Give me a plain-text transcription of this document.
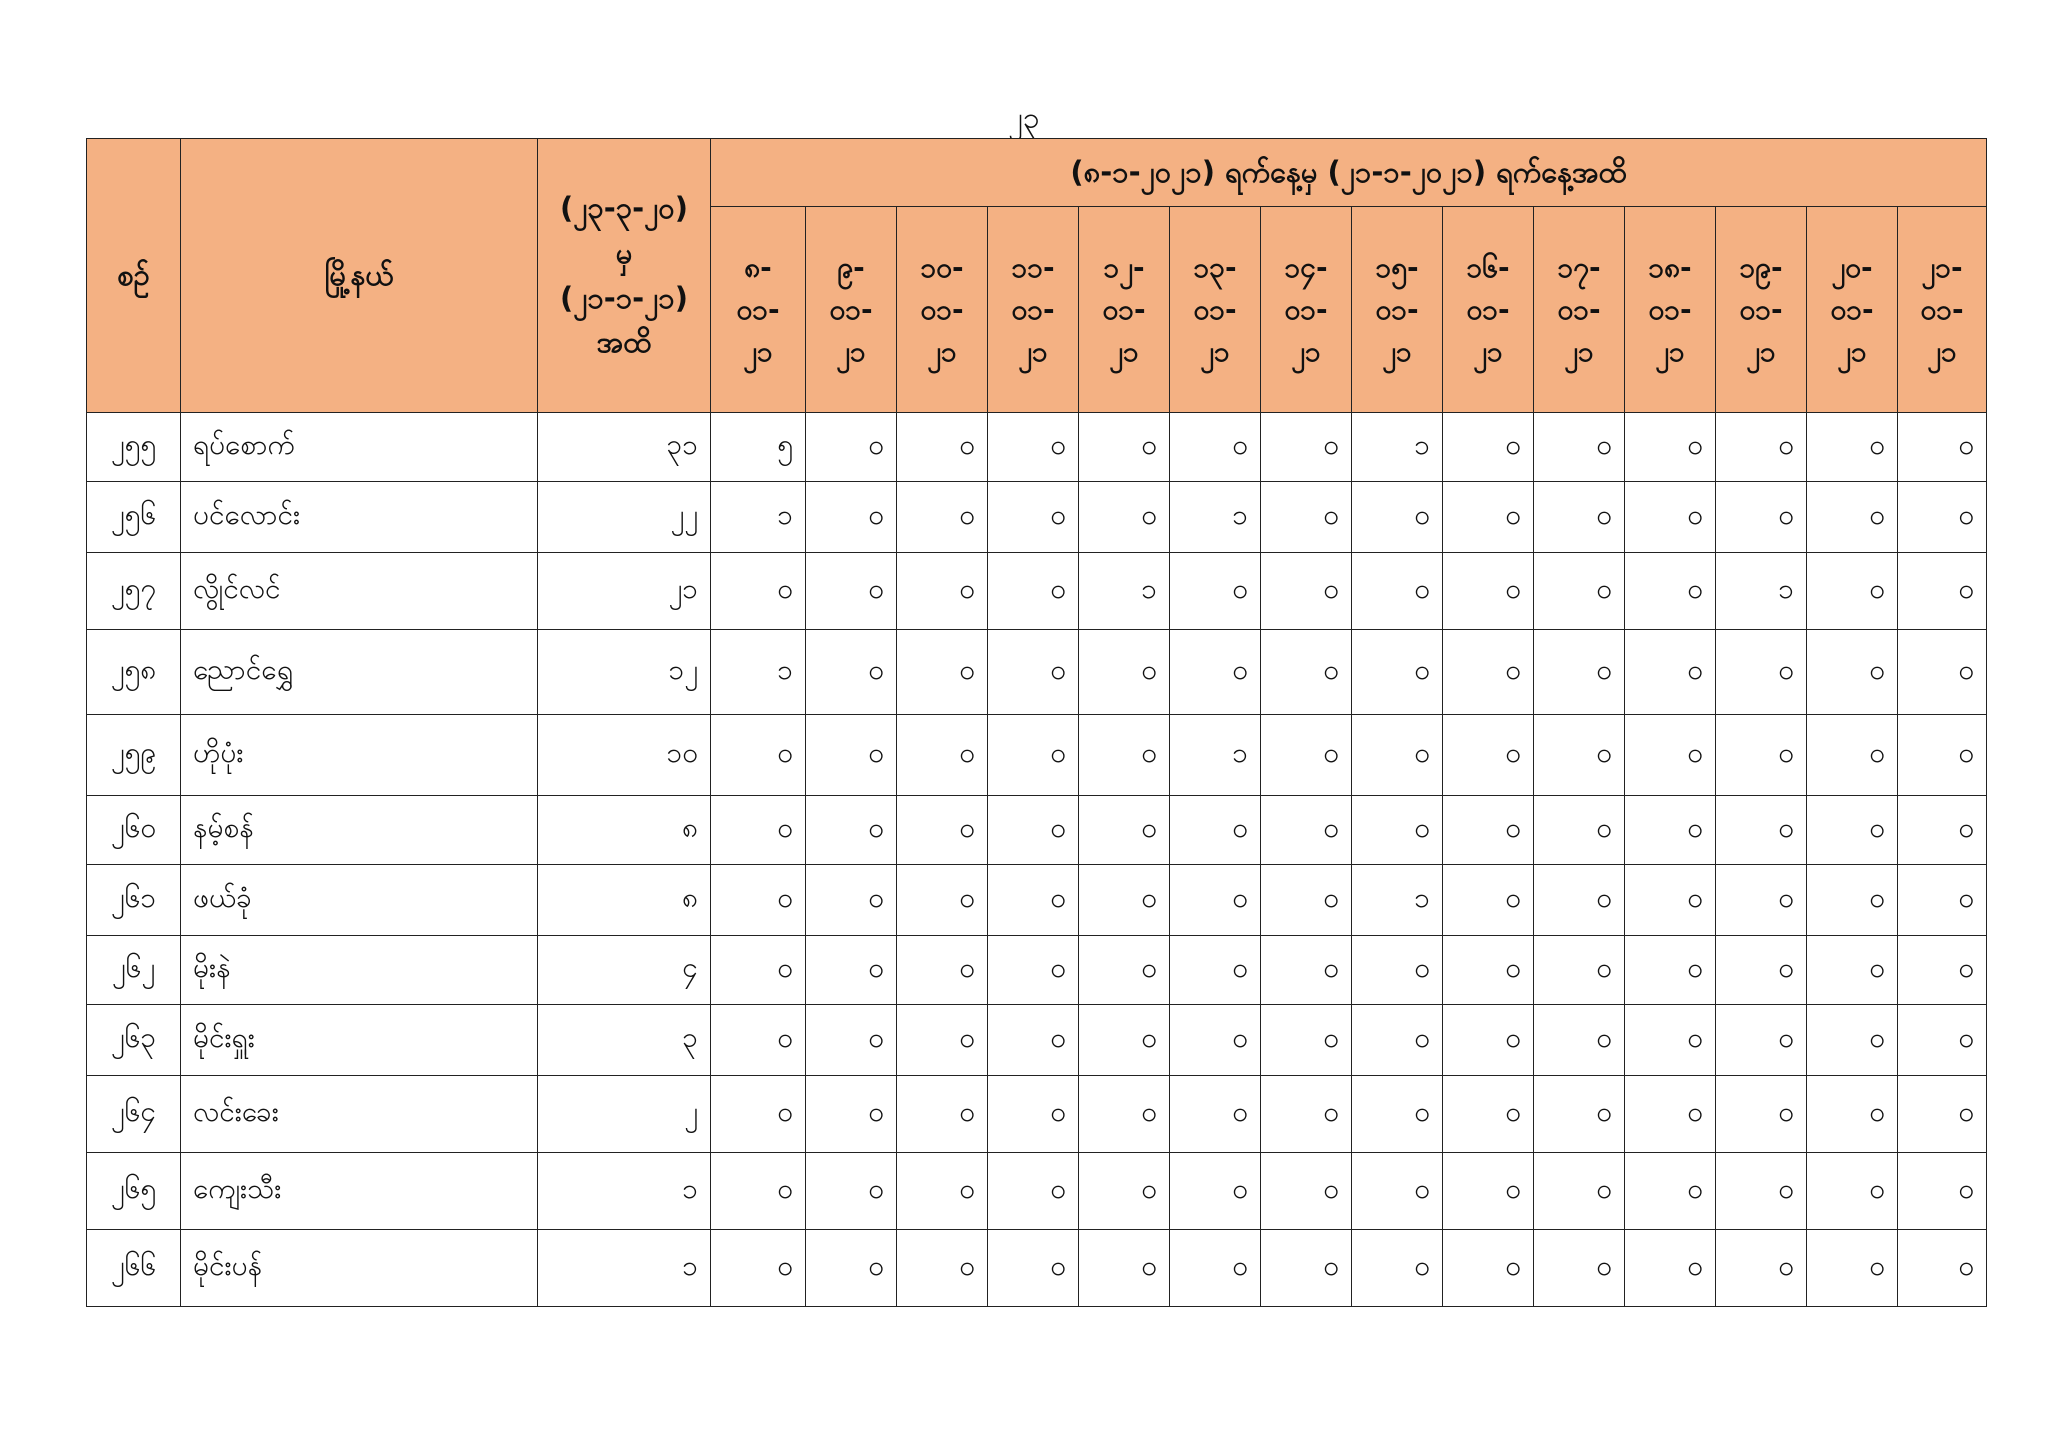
၂၃
စဉ်	မြို့နယ်	(၂၃-၃-၂၀)
မှ
(၂၁-၁-၂၁)
အထိ	(၈-၁-၂၀၂၁) ရက်နေ့မှ (၂၁-၁-၂၀၂၁) ရက်နေ့အထိ													

			၈-
၀၁-
၂၁	၉-
၀၁-
၂၁	၁၀-
၀၁-
၂၁	၁၁-
၀၁-
၂၁	၁၂-
၀၁-
၂၁	၁၃-
၀၁-
၂၁	၁၄-
၀၁-
၂၁	၁၅-
၀၁-
၂၁	၁၆-
၀၁-
၂၁	၁၇-
၀၁-
၂၁	၁၈-
၀၁-
၂၁	၁၉-
၀၁-
၂၁	၂၀-
၀၁-
၂၁	၂၁-
၀၁-
၂၁

၂၅၅	ရပ်စောက်	၃၁	၅	၀	၀	၀	၀	၀	၀	၁	၀	၀	၀	၀	၀	၀
၂၅၆	ပင်လောင်း	၂၂	၁	၀	၀	၀	၀	၁	၀	၀	၀	၀	၀	၀	၀	၀
၂၅၇	လွိုင်လင်	၂၁	၀	၀	၀	၀	၁	၀	၀	၀	၀	၀	၀	၁	၀	၀
၂၅၈	ညောင်ရွှေ	၁၂	၁	၀	၀	၀	၀	၀	၀	၀	၀	၀	၀	၀	၀	၀
၂၅၉	ဟိုပုံး	၁၀	၀	၀	၀	၀	၀	၁	၀	၀	၀	၀	၀	၀	၀	၀
၂၆၀	နမ့်စန်	၈	၀	၀	၀	၀	၀	၀	၀	၀	၀	၀	၀	၀	၀	၀
၂၆၁	ဖယ်ခုံ	၈	၀	၀	၀	၀	၀	၀	၀	၁	၀	၀	၀	၀	၀	၀
၂၆၂	မိုးနဲ	၄	၀	၀	၀	၀	၀	၀	၀	၀	၀	၀	၀	၀	၀	၀
၂၆၃	မိုင်းရှူး	၃	၀	၀	၀	၀	၀	၀	၀	၀	၀	၀	၀	၀	၀	၀
၂၆၄	လင်းခေး	၂	၀	၀	၀	၀	၀	၀	၀	၀	၀	၀	၀	၀	၀	၀
၂၆၅	ကျေးသီး	၁	၀	၀	၀	၀	၀	၀	၀	၀	၀	၀	၀	၀	၀	၀
၂၆၆	မိုင်းပန်	၁	၀	၀	၀	၀	၀	၀	၀	၀	၀	၀	၀	၀	၀	၀
